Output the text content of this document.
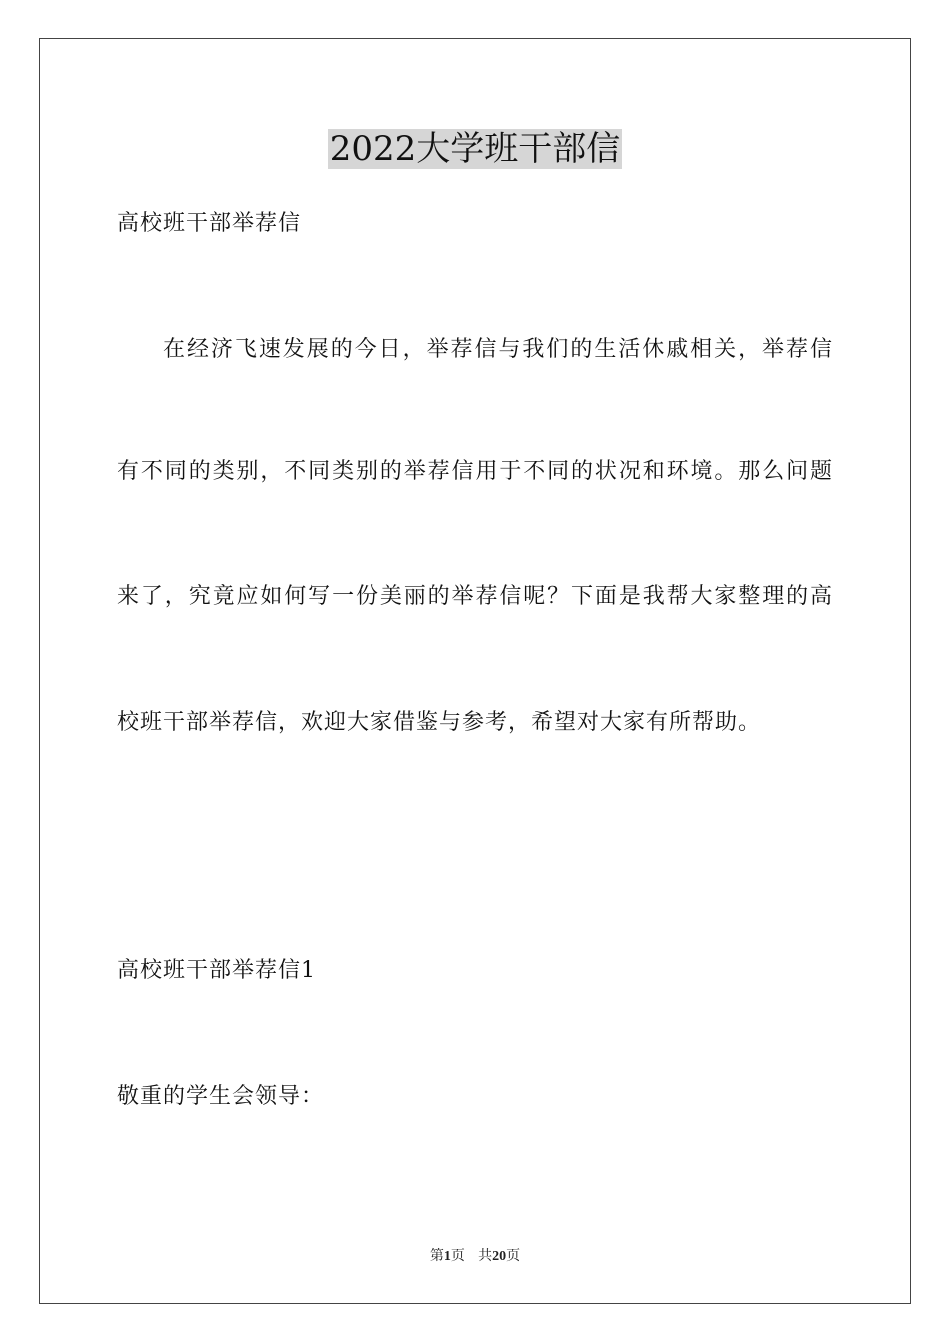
2022大学班干部信
高校班干部举荐信
在经济飞速发展的今日，举荐信与我们的生活休戚相关，举荐信
有不同的类别，不同类别的举荐信用于不同的状况和环境。那么问题
来了，究竟应如何写一份美丽的举荐信呢？下面是我帮大家整理的高
校班干部举荐信，欢迎大家借鉴与参考，希望对大家有所帮助。
高校班干部举荐信1
敬重的学生会领导：
第1页 共20页
